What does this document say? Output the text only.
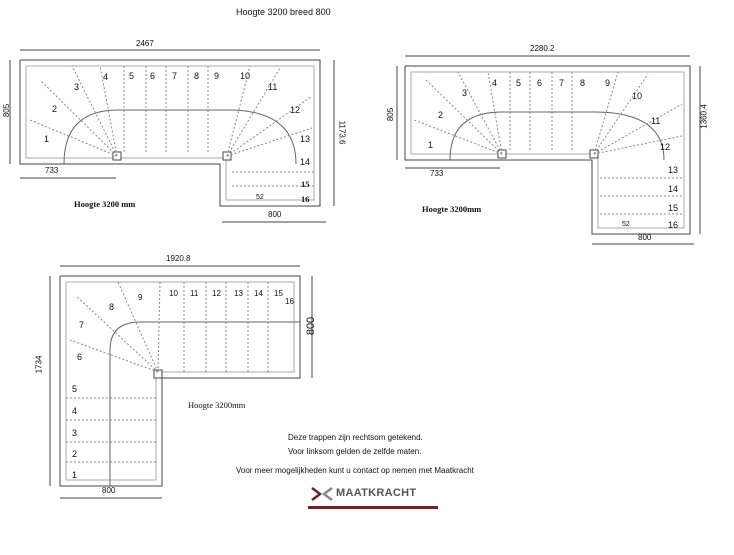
Hoogte 3200 breed 800
2467
805
1173.6
733
800
52
Hoogte 3200 mm
1
2
3
4 5 6 7 8 9 10
11
12
13
14
15
16
2280.2
805	1360.4
733
800
52
Hoogte 3200mm
1
2
3
4 5 6 7 8 9
10
11
12
13
14
15
16
1920.8
1734
800
800
Hoogte 3200mm
1
2
3
4
5
6
7
8
9	10 11 12 13 14 15
16
Deze trappen zijn rechtsom getekend.
Voor linksom gelden de zelfde maten.
Voor meer mogelijkheden kunt u contact op nemen met Maatkracht
MAATKRACHT
